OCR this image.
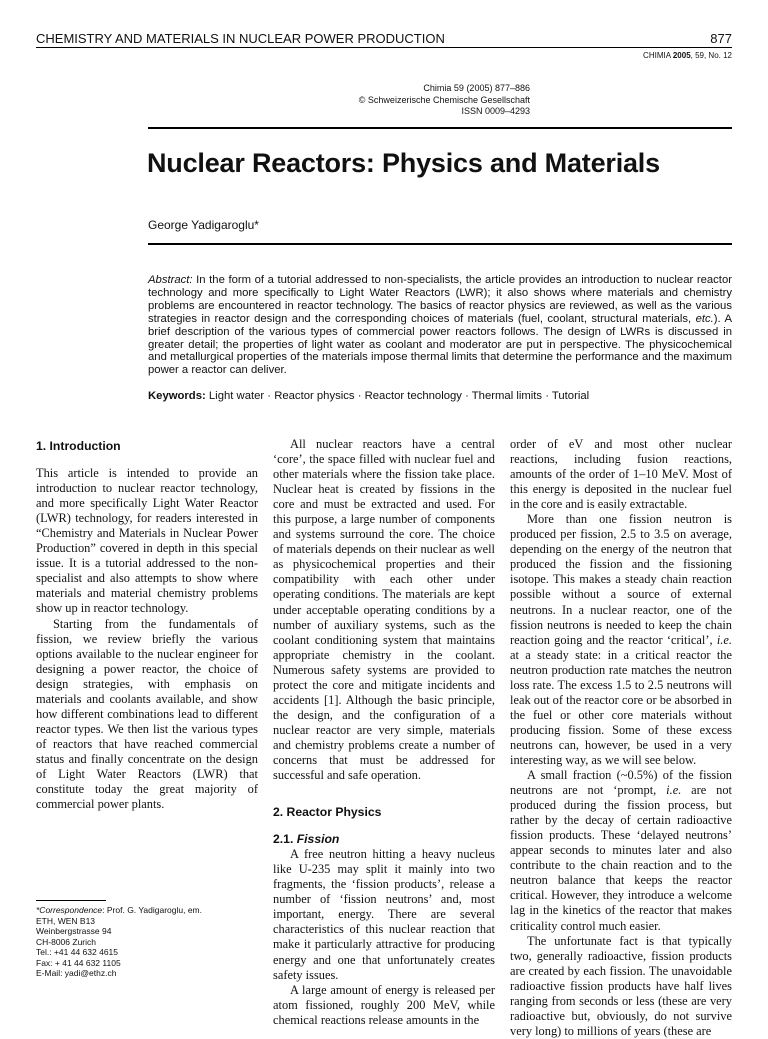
CHEMISTRY AND MATERIALS IN NUCLEAR POWER PRODUCTION	877
CHIMIA 2005, 59, No. 12
Chimia 59 (2005) 877–886
© Schweizerische Chemische Gesellschaft
ISSN 0009–4293
Nuclear Reactors: Physics and Materials
George Yadigaroglu*
Abstract: In the form of a tutorial addressed to non-specialists, the article provides an introduction to nuclear reactor technology and more specifically to Light Water Reactors (LWR); it also shows where materials and chemistry problems are encountered in reactor technology. The basics of reactor physics are reviewed, as well as the various strategies in reactor design and the corresponding choices of materials (fuel, coolant, structural materials, etc.). A brief description of the various types of commercial power reactors follows. The design of LWRs is discussed in greater detail; the properties of light water as coolant and moderator are put in perspective. The physicochemical and metallurgical properties of the materials impose thermal limits that determine the performance and the maximum power a reactor can deliver.
Keywords: Light water · Reactor physics · Reactor technology · Thermal limits · Tutorial
1. Introduction

This article is intended to provide an introduction to nuclear reactor technology, and more specifically Light Water Reactor (LWR) technology, for readers interested in “Chemistry and Materials in Nuclear Power Production” covered in depth in this special issue. It is a tutorial addressed to the non-specialist and also attempts to show where materials and material chemistry problems show up in reactor technology.

Starting from the fundamentals of fission, we review briefly the various options available to the nuclear engineer for designing a power reactor, the choice of design strategies, with emphasis on materials and coolants available, and show how different combinations lead to different reactor types. We then list the various types of reactors that have reached commercial status and finally concentrate on the design of Light Water Reactors (LWR) that constitute today the great majority of commercial power plants.

All nuclear reactors have a central ‘core’, the space filled with nuclear fuel and other materials where the fission take place. Nuclear heat is created by fissions in the core and must be extracted and used. For this purpose, a large number of components and systems surround the core. The choice of materials depends on their nuclear as well as physicochemical properties and their compatibility with each other under operating conditions. The materials are kept under acceptable operating conditions by a number of auxiliary systems, such as the coolant conditioning system that maintains appropriate chemistry in the coolant. Numerous safety systems are provided to protect the core and mitigate incidents and accidents [1]. Although the basic principle, the design, and the configuration of a nuclear reactor are very simple, materials and chemistry problems create a number of concerns that must be addressed for successful and safe operation.

2. Reactor Physics
2.1. Fission

A free neutron hitting a heavy nucleus like U-235 may split it mainly into two fragments, the ‘fission products’, release a number of ‘fission neutrons’ and, most important, energy. There are several characteristics of this nuclear reaction that make it particularly attractive for producing energy and one that unfortunately creates safety issues.

A large amount of energy is released per atom fissioned, roughly 200 MeV, while chemical reactions release amounts in the

order of eV and most other nuclear reactions, including fusion reactions, amounts of the order of 1–10 MeV. Most of this energy is deposited in the nuclear fuel in the core and is easily extractable.

More than one fission neutron is produced per fission, 2.5 to 3.5 on average, depending on the energy of the neutron that produced the fission and the fissioning isotope. This makes a steady chain reaction possible without a source of external neutrons. In a nuclear reactor, one of the fission neutrons is needed to keep the chain reaction going and the reactor ‘critical’, i.e. at a steady state: in a critical reactor the neutron production rate matches the neutron loss rate. The excess 1.5 to 2.5 neutrons will leak out of the reactor core or be absorbed in the fuel or other core materials without producing fission. Some of these excess neutrons can, however, be used in a very interesting way, as we will see below.

A small fraction (~0.5%) of the fission neutrons are not ‘prompt, i.e. are not produced during the fission process, but rather by the decay of certain radioactive fission products. These ‘delayed neutrons’ appear seconds to minutes later and also contribute to the chain reaction and to the neutron balance that keeps the reactor critical. However, they introduce a welcome lag in the kinetics of the reactor that makes criticality control much easier.

The unfortunate fact is that typically two, generally radioactive, fission products are created by each fission. The unavoidable radioactive fission products have half lives ranging from seconds or less (these are very radioactive but, obviously, do not survive very long) to millions of years (these are

*Correspondence: Prof. G. Yadigaroglu, em.
ETH, WEN B13
Weinbergstrasse 94
CH-8006 Zurich
Tel.: +41 44 632 4615
Fax: + 41 44 632 1105
E-Mail: yadi@ethz.ch
